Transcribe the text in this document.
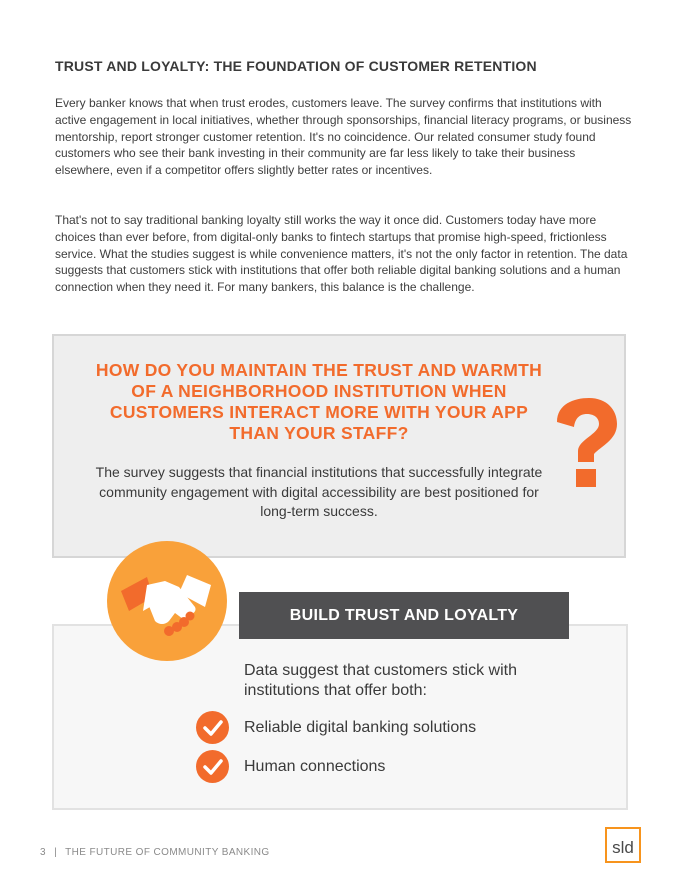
TRUST AND LOYALTY: THE FOUNDATION OF CUSTOMER RETENTION

Every banker knows that when trust erodes, customers leave. The survey confirms that institutions with active engagement in local initiatives, whether through sponsorships, financial literacy programs, or business mentorship, report stronger customer retention. It's no coincidence. Our related consumer study found customers who see their bank investing in their community are far less likely to take their business elsewhere, even if a competitor offers slightly better rates or incentives.

That's not to say traditional banking loyalty still works the way it once did. Customers today have more choices than ever before, from digital-only banks to fintech startups that promise high-speed, frictionless service. What the studies suggest is while convenience matters, it's not the only factor in retention. The data suggests that customers stick with institutions that offer both reliable digital banking solutions and a human connection when they need it. For many bankers, this balance is the challenge.

HOW DO YOU MAINTAIN THE TRUST AND WARMTH OF A NEIGHBORHOOD INSTITUTION WHEN CUSTOMERS INTERACT MORE WITH YOUR APP THAN YOUR STAFF?

The survey suggests that financial institutions that successfully integrate community engagement with digital accessibility are best positioned for long-term success.

BUILD TRUST AND LOYALTY

Data suggest that customers stick with institutions that offer both:

Reliable digital banking solutions
Human connections
3 | THE FUTURE OF COMMUNITY BANKING	sld
